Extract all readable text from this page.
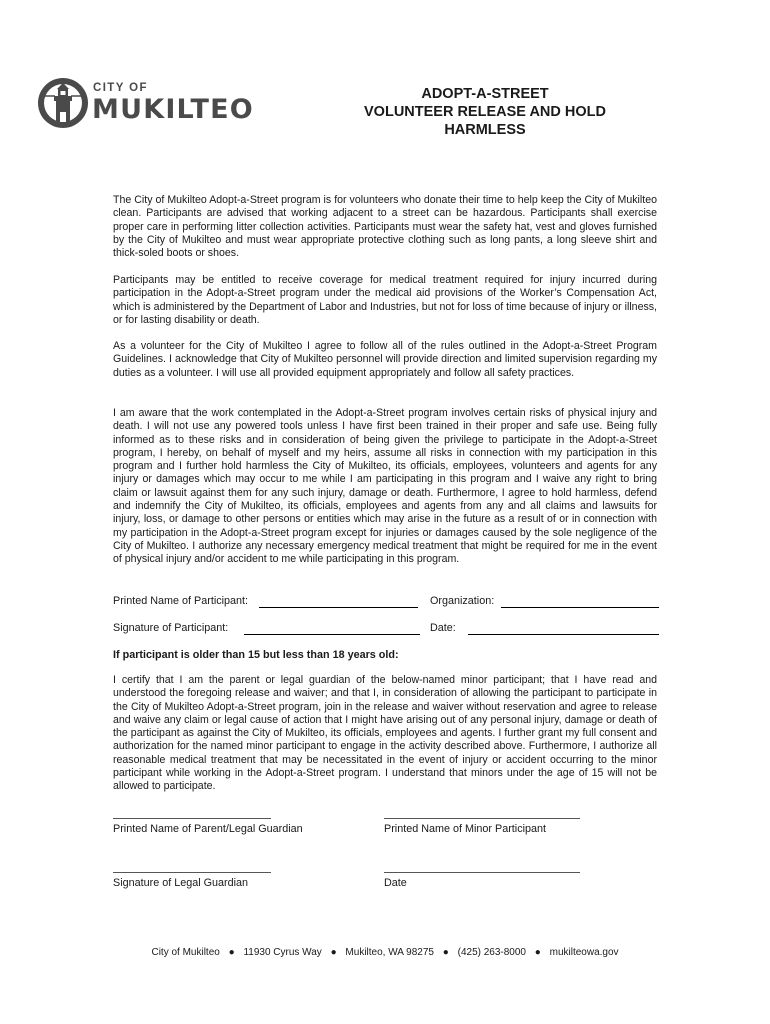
CITY OF
MUKILTEO	ADOPT-A-STREET
VOLUNTEER RELEASE AND HOLD
HARMLESS

The City of Mukilteo Adopt-a-Street program is for volunteers who donate their time to help keep the City of Mukilteo clean. Participants are advised that working adjacent to a street can be hazardous. Participants shall exercise proper care in performing litter collection activities. Participants must wear the safety hat, vest and gloves furnished by the City of Mukilteo and must wear appropriate protective clothing such as long pants, a long sleeve shirt and thick-soled boots or shoes.

Participants may be entitled to receive coverage for medical treatment required for injury incurred during participation in the Adopt-a-Street program under the medical aid provisions of the Worker’s Compensation Act, which is administered by the Department of Labor and Industries, but not for loss of time because of injury or illness, or for lasting disability or death.

As a volunteer for the City of Mukilteo I agree to follow all of the rules outlined in the Adopt-a-Street Program Guidelines. I acknowledge that City of Mukilteo personnel will provide direction and limited supervision regarding my duties as a volunteer. I will use all provided equipment appropriately and follow all safety practices.

I am aware that the work contemplated in the Adopt-a-Street program involves certain risks of physical injury and death. I will not use any powered tools unless I have first been trained in their proper and safe use. Being fully informed as to these risks and in consideration of being given the privilege to participate in the Adopt-a-Street program, I hereby, on behalf of myself and my heirs, assume all risks in connection with my participation in this program and I further hold harmless the City of Mukilteo, its officials, employees, volunteers and agents for any injury or damages which may occur to me while I am participating in this program and I waive any right to bring claim or lawsuit against them for any such injury, damage or death. Furthermore, I agree to hold harmless, defend and indemnify the City of Mukilteo, its officials, employees and agents from any and all claims and lawsuits for injury, loss, or damage to other persons or entities which may arise in the future as a result of or in connection with my participation in the Adopt-a-Street program except for injuries or damages caused by the sole negligence of the City of Mukilteo. I authorize any necessary emergency medical treatment that might be required for me in the event of physical injury and/or accident to me while participating in this program.

Printed Name of Participant:	Organization:
Signature of Participant:	Date:
If participant is older than 15 but less than 18 years old:

I certify that I am the parent or legal guardian of the below-named minor participant; that I have read and understood the foregoing release and waiver; and that I, in consideration of allowing the participant to participate in the City of Mukilteo Adopt-a-Street program, join in the release and waiver without reservation and agree to release and waive any claim or legal cause of action that I might have arising out of any personal injury, damage or death of the participant as against the City of Mukilteo, its officials, employees and agents. I further grant my full consent and authorization for the named minor participant to engage in the activity described above. Furthermore, I authorize all reasonable medical treatment that may be necessitated in the event of injury or accident occurring to the minor participant while working in the Adopt-a-Street program. I understand that minors under the age of 15 will not be allowed to participate.

Printed Name of Parent/Legal Guardian	Printed Name of Minor Participant
Signature of Legal Guardian	Date
City of Mukilteo ● 11930 Cyrus Way ● Mukilteo, WA 98275 ● (425) 263-8000 ● mukilteowa.gov
